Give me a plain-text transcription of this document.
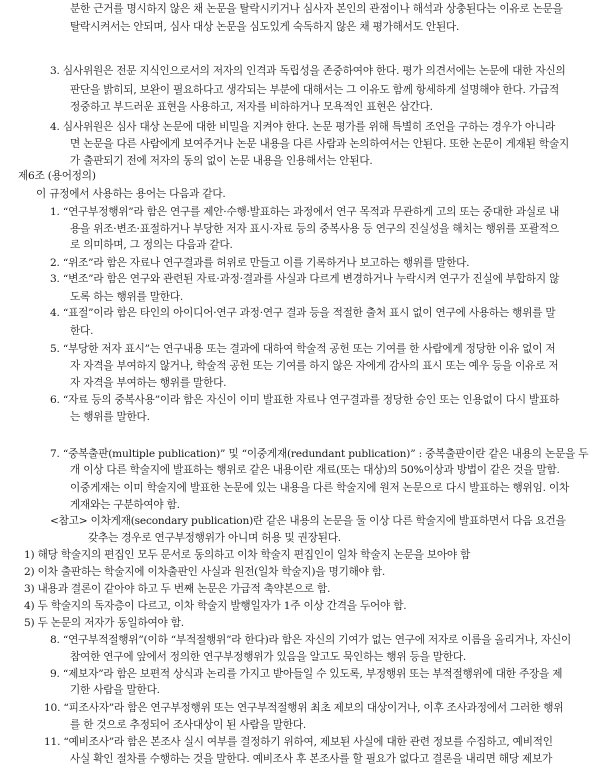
분한 근거를 명시하지 않은 채 논문을 탈락시키거나 심사자 본인의 관점이나 해석과 상충된다는 이유로 논문을
탈락시켜서는 안되며, 심사 대상 논문을 심도있게 숙독하지 않은 채 평가해서도 안된다.
3. 심사위원은 전문 지식인으로서의 저자의 인격과 독립성을 존중하여야 한다. 평가 의견서에는 논문에 대한 자신의
판단을 밝히되, 보완이 필요하다고 생각되는 부분에 대해서는 그 이유도 함께 항세하게 설명해야 한다. 가급적
정중하고 부드러운 표현을 사용하고, 저자를 비하하거나 모욕적인 표현은 삼간다.
4. 심사위원은 심사 대상 논문에 대한 비밀을 지켜야 한다. 논문 평가를 위해 특별히 조언을 구하는 경우가 아니라
면 논문을 다른 사람에게 보여주거나 논문 내용을 다른 사람과 논의하여서는 안된다. 또한 논문이 게재된 학술지
가 출판되기 전에 저자의 동의 없이 논문 내용을 인용해서는 안된다.
제6조 (용어정의)
이 규정에서 사용하는 용어는 다음과 같다.
1. “연구부정행위”라 함은 연구를 제안·수행·발표하는 과정에서 연구 목적과 무관하게 고의 또는 중대한 과실로 내
용을 위조·변조·표절하거나 부당한 저자 표시·자료 등의 중복사용 등 연구의 진실성을 해치는 행위를 포괄적으
로 의미하며, 그 정의는 다음과 같다.
2. “위조”라 함은 자료나 연구결과를 허위로 만들고 이를 기록하거나 보고하는 행위를 말한다.
3. “변조”라 함은 연구와 관련된 자료·과정·결과를 사실과 다르게 변경하거나 누락시켜 연구가 진실에 부합하지 않
도록 하는 행위를 말한다.
4. “표절”이라 함은 타인의 아이디어·연구 과정·연구 결과 등을 적절한 출처 표시 없이 연구에 사용하는 행위를 말
한다.
5. “부당한 저자 표시”는 연구내용 또는 결과에 대하여 학술적 공헌 또는 기여를 한 사람에게 정당한 이유 없이 저
자 자격을 부여하지 않거나, 학술적 공헌 또는 기여를 하지 않은 자에게 감사의 표시 또는 예우 등을 이유로 저
자 자격을 부여하는 행위를 말한다.
6. “자료 등의 중복사용”이라 함은 자신이 이미 발표한 자료나 연구결과를 정당한 승인 또는 인용없이 다시 발표하
는 행위를 말한다.
7. “중복출판(multiple publication)” 및 “이중게재(redundant publication)” : 중복출판이란 같은 내용의 논문을 두
개 이상 다른 학술지에 발표하는 행위로 같은 내용이란 재료(또는 대상)의 50%이상과 방법이 같은 것을 말함.
이중게재는 이미 학술지에 발표한 논문에 있는 내용을 다른 학술지에 원저 논문으로 다시 발표하는 행위임. 이차
게재와는 구분하여야 함.
<참고> 이차게재(secondary publication)란 같은 내용의 논문을 둘 이상 다른 학술지에 발표하면서 다음 요건을
갖추는 경우로 연구부정행위가 아니며 허용 및 권장된다.
1) 해당 학술지의 편집인 모두 문서로 동의하고 이차 학술지 편집인이 일차 학술지 논문을 보아야 함
2) 이차 출판하는 학술지에 이차출판인 사실과 원전(일차 학술지)을 명기해야 함.
3) 내용과 결론이 같아야 하고 두 번째 논문은 가급적 축약본으로 함.
4) 두 학술지의 독자층이 다르고, 이차 학술지 발행일자가 1주 이상 간격을 두어야 함.
5) 두 논문의 저자가 동일하여야 함.
8. “연구부적절행위”(이하 “부적절행위”라 한다)라 함은 자신의 기여가 없는 연구에 저자로 이름을 올리거나, 자신이
참여한 연구에 앞에서 정의한 연구부정행위가 있음을 알고도 묵인하는 행위 등을 말한다.
9. “제보자”라 함은 보편적 상식과 논리를 가지고 받아들일 수 있도록, 부정행위 또는 부적절행위에 대한 주장을 제
기한 사람을 말한다.
10. “피조사자”라 함은 연구부정행위 또는 연구부적절행위 최초 제보의 대상이거나, 이후 조사과정에서 그러한 행위
를 한 것으로 추정되어 조사대상이 된 사람을 말한다.
11. “예비조사”라 함은 본조사 실시 여부를 결정하기 위하여, 제보된 사실에 대한 관련 정보를 수집하고, 예비적인
사실 확인 절차를 수행하는 것을 말한다. 예비조사 후 본조사를 할 필요가 없다고 결론을 내리면 해당 제보가
